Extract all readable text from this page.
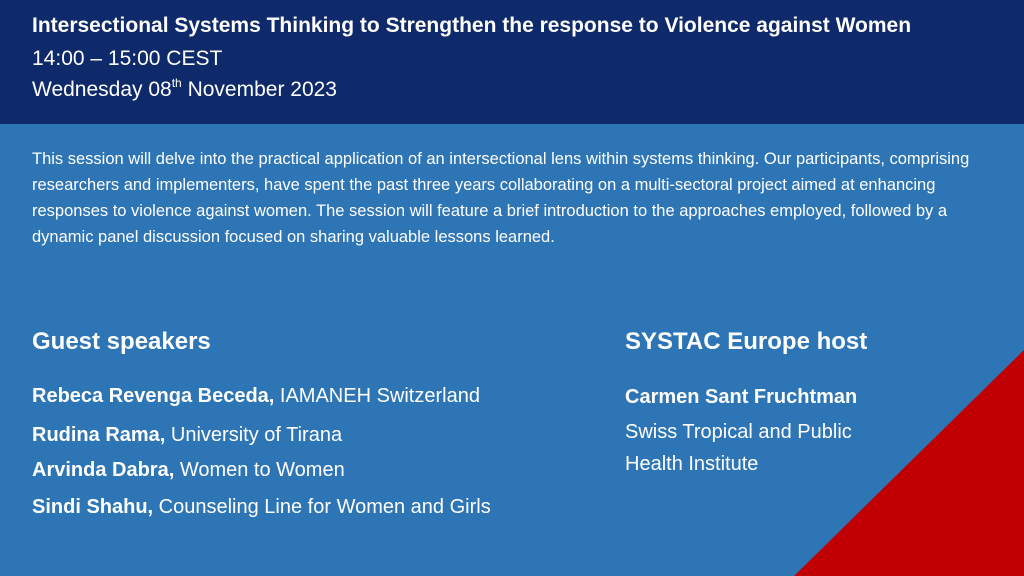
Intersectional Systems Thinking to Strengthen the response to Violence against Women
14:00 – 15:00 CEST
Wednesday 08th November 2023
This session will delve into the practical application of an intersectional lens within systems thinking. Our participants, comprising researchers and implementers, have spent the past three years collaborating on a multi-sectoral project aimed at enhancing responses to violence against women. The session will feature a brief introduction to the approaches employed, followed by a dynamic panel discussion focused on sharing valuable lessons learned.
Guest speakers
Rebeca Revenga Beceda, IAMANEH Switzerland
Rudina Rama, University of Tirana
Arvinda Dabra, Women to Women
Sindi Shahu, Counseling Line for Women and Girls
SYSTAC Europe host
Carmen Sant Fruchtman
Swiss Tropical and Public Health Institute
